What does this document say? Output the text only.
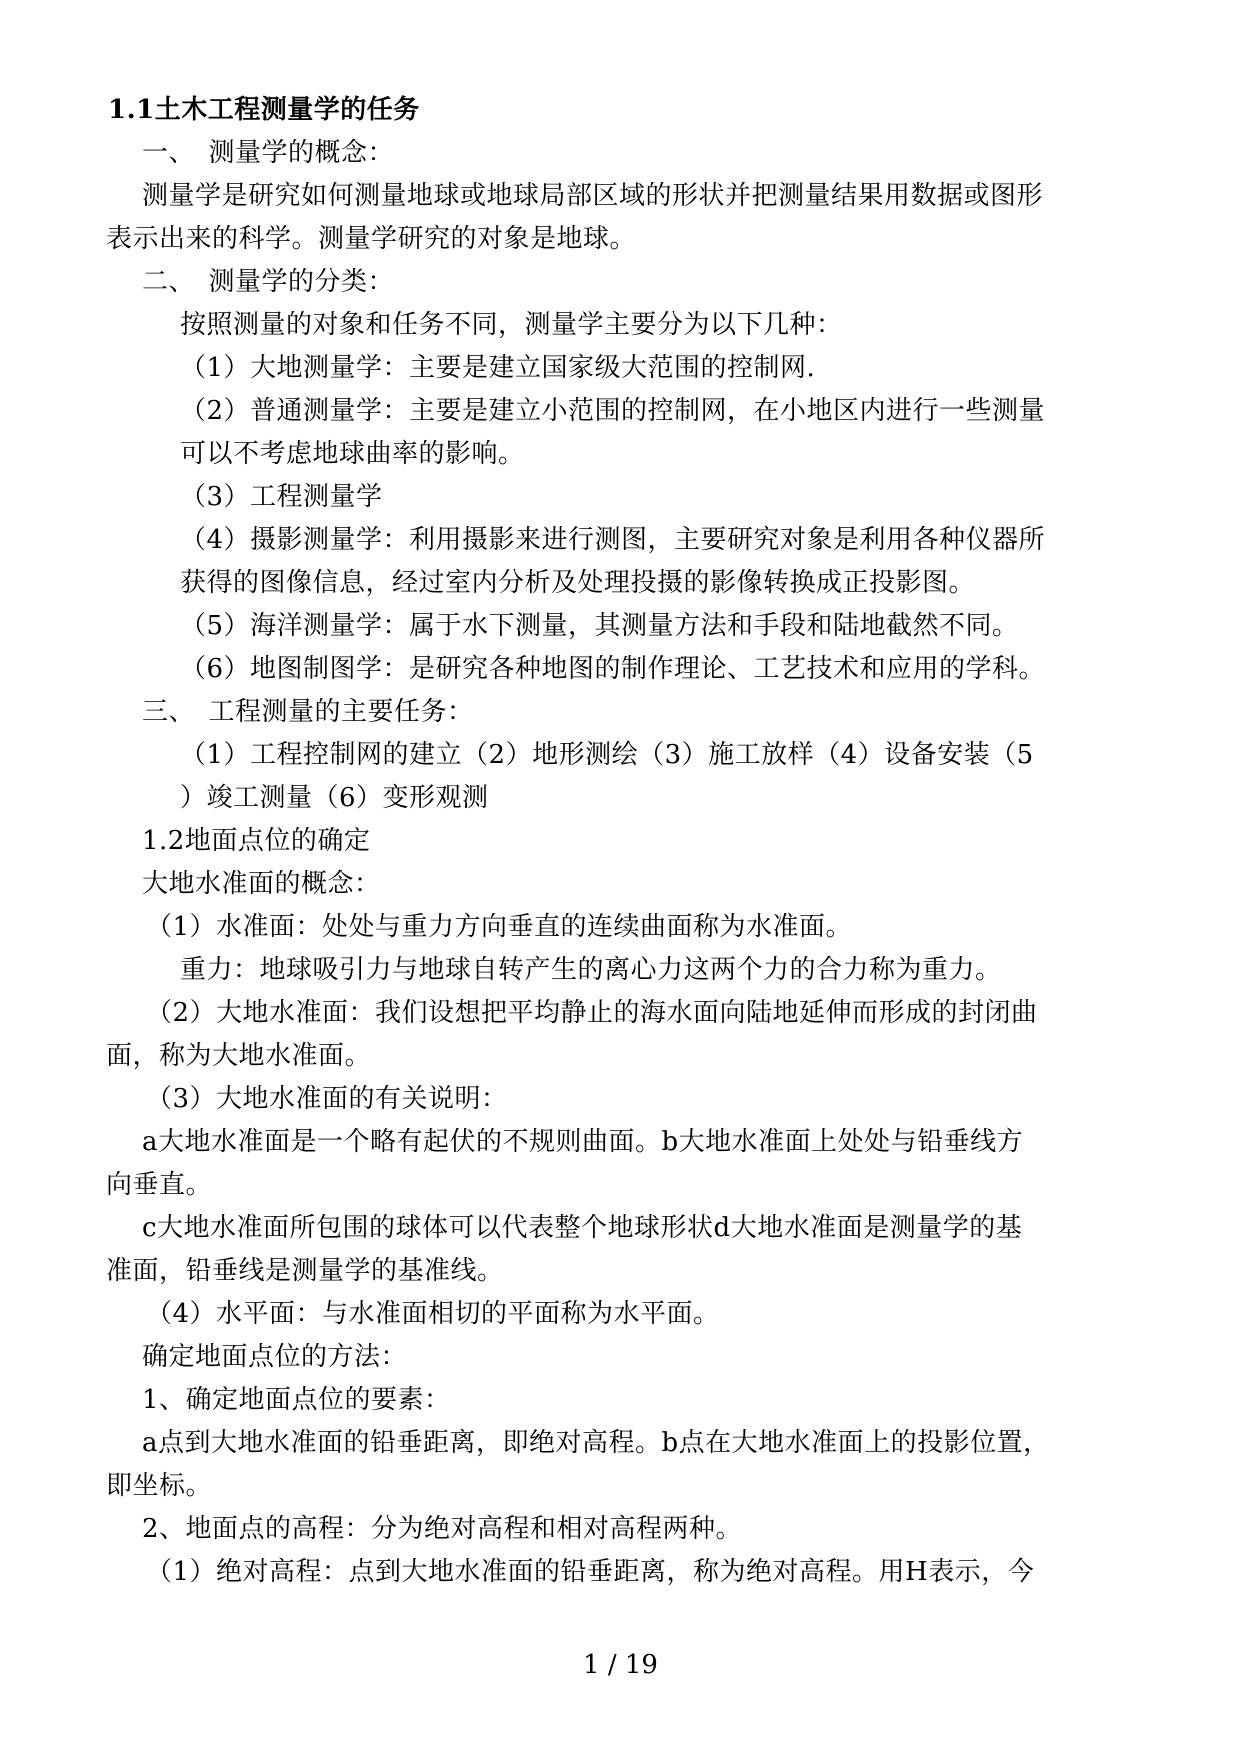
1.1土木工程测量学的任务
一、　测量学的概念：
测量学是研究如何测量地球或地球局部区域的形状并把测量结果用数据或图形
表示出来的科学。测量学研究的对象是地球。
二、　测量学的分类：
按照测量的对象和任务不同，测量学主要分为以下几种：
（1）大地测量学：主要是建立国家级大范围的控制网.
（2）普通测量学：主要是建立小范围的控制网，在小地区内进行一些测量
可以不考虑地球曲率的影响。
（3）工程测量学
（4）摄影测量学：利用摄影来进行测图，主要研究对象是利用各种仪器所
获得的图像信息，经过室内分析及处理投摄的影像转换成正投影图。
（5）海洋测量学：属于水下测量，其测量方法和手段和陆地截然不同。
（6）地图制图学：是研究各种地图的制作理论、工艺技术和应用的学科。
三、　工程测量的主要任务：
（1）工程控制网的建立（2）地形测绘（3）施工放样（4）设备安装（5
）竣工测量（6）变形观测
1.2地面点位的确定
大地水准面的概念：
（1）水准面：处处与重力方向垂直的连续曲面称为水准面。
重力：地球吸引力与地球自转产生的离心力这两个力的合力称为重力。
（2）大地水准面：我们设想把平均静止的海水面向陆地延伸而形成的封闭曲
面，称为大地水准面。
（3）大地水准面的有关说明：
a大地水准面是一个略有起伏的不规则曲面。b大地水准面上处处与铅垂线方
向垂直。
c大地水准面所包围的球体可以代表整个地球形状d大地水准面是测量学的基
准面，铅垂线是测量学的基准线。
（4）水平面：与水准面相切的平面称为水平面。
确定地面点位的方法：
1、确定地面点位的要素：
a点到大地水准面的铅垂距离，即绝对高程。b点在大地水准面上的投影位置，
即坐标。
2、地面点的高程：分为绝对高程和相对高程两种。
（1）绝对高程：点到大地水准面的铅垂距离，称为绝对高程。用H表示，今
1 / 19
